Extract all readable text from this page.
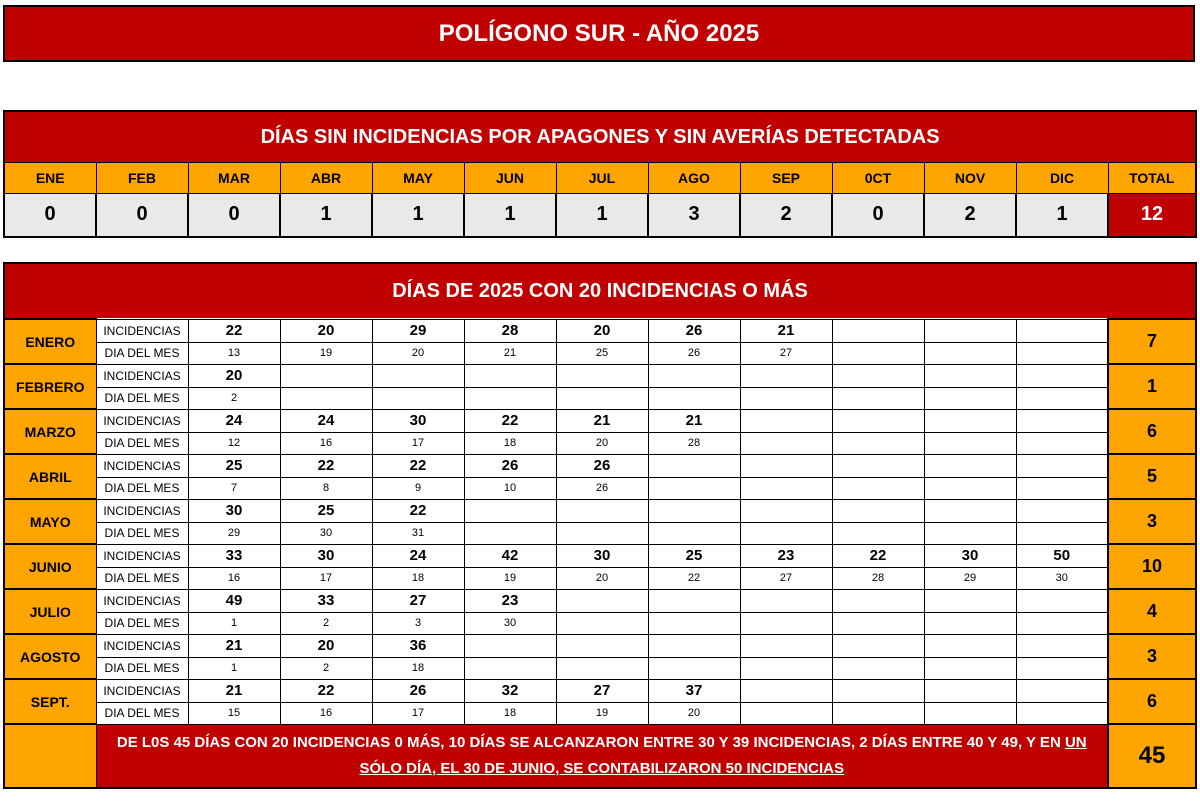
POLÍGONO SUR - AÑO 2025
DÍAS SIN INCIDENCIAS POR APAGONES Y SIN AVERÍAS DETECTADAS												
ENE	FEB	MAR	ABR	MAY	JUN	JUL	AGO	SEP	0CT	NOV	DIC	TOTAL
0	0	0	1	1	1	1	3	2	0	2	1	12
DÍAS DE 2025 CON 20 INCIDENCIAS O MÁS												
ENERO	INCIDENCIAS	22	20	29	28	20	26	21				7
	DIA DEL MES	13	19	20	21	25	26	27				
FEBRERO	INCIDENCIAS	20										1
	DIA DEL MES	2										
MARZO	INCIDENCIAS	24	24	30	22	21	21					6
	DIA DEL MES	12	16	17	18	20	28					
ABRIL	INCIDENCIAS	25	22	22	26	26						5
	DIA DEL MES	7	8	9	10	26						
MAYO	INCIDENCIAS	30	25	22								3
	DIA DEL MES	29	30	31								
JUNIO	INCIDENCIAS	33	30	24	42	30	25	23	22	30	50	10
	DIA DEL MES	16	17	18	19	20	22	27	28	29	30	
JULIO	INCIDENCIAS	49	33	27	23							4
	DIA DEL MES	1	2	3	30							
AGOSTO	INCIDENCIAS	21	20	36								3
	DIA DEL MES	1	2	18								
SEPT.	INCIDENCIAS	21	22	26	32	27	37					6
	DIA DEL MES	15	16	17	18	19	20					
	DE L0S 45 DÍAS CON 20 INCIDENCIAS 0 MÁS, 10 DÍAS SE ALCANZARON ENTRE 30 Y 39 INCIDENCIAS, 2 DÍAS ENTRE 40 Y 49, Y EN UN SÓLO DÍA, EL 30 DE JUNIO, SE CONTABILIZARON 50 INCIDENCIAS											45
